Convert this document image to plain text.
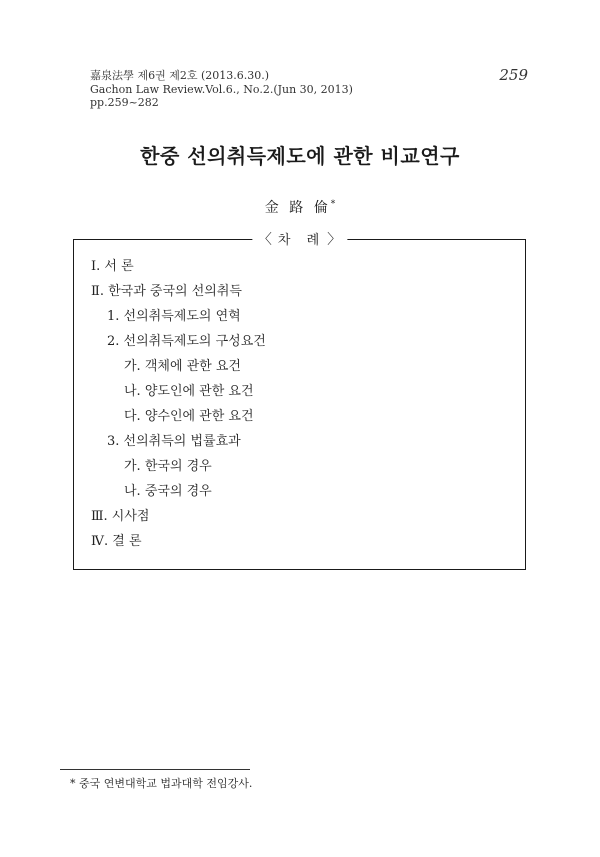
嘉泉法學 제6권 제2호 (2013.6.30.)
Gachon Law Review.Vol.6., No.2.(Jun 30, 2013)
pp.259~282
259
한중 선의취득제도에 관한 비교연구
金 路 倫*
〈 차 례 〉
Ⅰ. 서 론
Ⅱ. 한국과 중국의 선의취득
1. 선의취득제도의 연혁
2. 선의취득제도의 구성요건
가. 객체에 관한 요건
나. 양도인에 관한 요건
다. 양수인에 관한 요건
3. 선의취득의 법률효과
가. 한국의 경우
나. 중국의 경우
Ⅲ. 시사점
Ⅳ. 결 론
* 중국 연변대학교 법과대학 전임강사.
